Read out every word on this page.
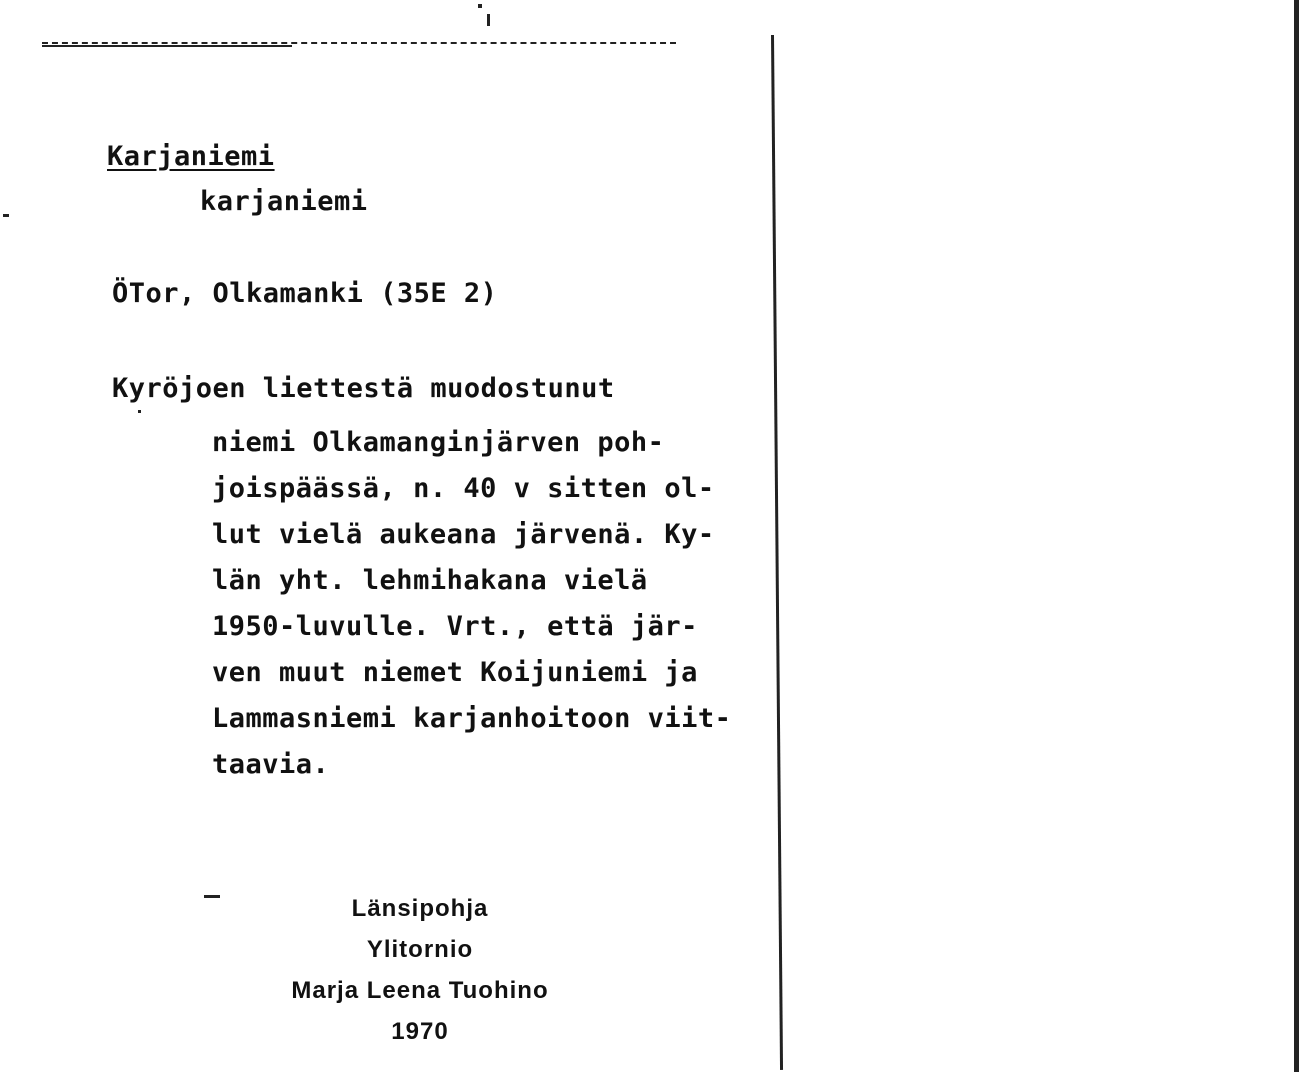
Karjaniemi
karjaniemi
ÖTor, Olkamanki (35E 2)
Kyröjoen liettestä muodostunut
niemi Olkamanginjärven poh-
joispäässä, n. 40 v sitten ol-
lut vielä aukeana järvenä. Ky-
län yht. lehmihakana vielä
1950-luvulle. Vrt., että jär-
ven muut niemet Koijuniemi ja
Lammasniemi karjanhoitoon viit-
taavia.
Länsipohja
Ylitornio
Marja Leena Tuohino
1970
